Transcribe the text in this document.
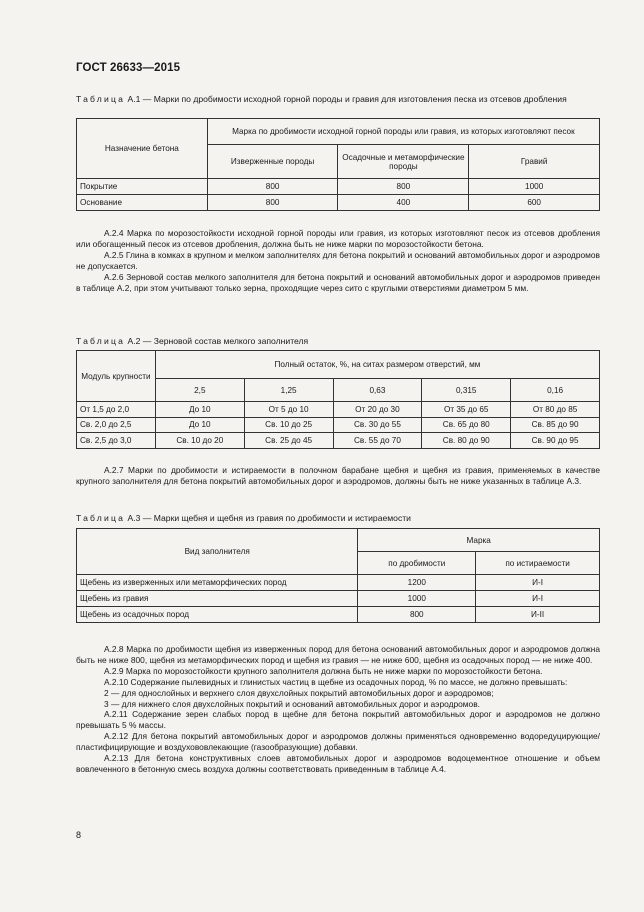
ГОСТ 26633—2015
Таблица А.1 — Марки по дробимости исходной горной породы и гравия для изготовления песка из отсевов дробления
Назначение бетона	Марка по дробимости исходной горной породы или гравия, из которых изготовляют песок		
	Изверженные породы	Осадочные и метаморфические породы	Гравий
Покрытие	800	800	1000
Основание	800	400	600

А.2.4 Марка по морозостойкости исходной горной породы или гравия, из которых изготовляют песок из отсевов дробления или обогащенный песок из отсевов дробления, должна быть не ниже марки по морозостойкости бетона.

А.2.5 Глина в комках в крупном и мелком заполнителях для бетона покрытий и оснований автомобильных дорог и аэродромов не допускается.

А.2.6 Зерновой состав мелкого заполнителя для бетона покрытий и оснований автомобильных дорог и аэродромов приведен в таблице А.2, при этом учитывают только зерна, проходящие через сито с круглыми отверстиями диаметром 5 мм.

Таблица А.2 — Зерновой состав мелкого заполнителя
Модуль крупности	Полный остаток, %, на ситах размером отверстий, мм				
	2,5	1,25	0,63	0,315	0,16
От 1,5 до 2,0	До 10	От 5 до 10	От 20 до 30	От 35 до 65	От 80 до 85
Св. 2,0 до 2,5	До 10	Св. 10 до 25	Св. 30 до 55	Св. 65 до 80	Св. 85 до 90
Св. 2,5 до 3,0	Св. 10 до 20	Св. 25 до 45	Св. 55 до 70	Св. 80 до 90	Св. 90 до 95

А.2.7 Марки по дробимости и истираемости в полочном барабане щебня и щебня из гравия, применяемых в качестве крупного заполнителя для бетона покрытий автомобильных дорог и аэродромов, должны быть не ниже указанных в таблице А.3.

Таблица А.3 — Марки щебня и щебня из гравия по дробимости и истираемости
Вид заполнителя	Марка	
	по дробимости	по истираемости
Щебень из изверженных или метаморфических пород	1200	И-I
Щебень из гравия	1000	И-I
Щебень из осадочных пород	800	И-II

А.2.8 Марка по дробимости щебня из изверженных пород для бетона оснований автомобильных дорог и аэродромов должна быть не ниже 800, щебня из метаморфических пород и щебня из гравия — не ниже 600, щебня из осадочных пород — не ниже 400.

А.2.9 Марка по морозостойкости крупного заполнителя должна быть не ниже марки по морозостойкости бетона.

А.2.10 Содержание пылевидных и глинистых частиц в щебне из осадочных пород, % по массе, не должно превышать:

2 — для однослойных и верхнего слоя двухслойных покрытий автомобильных дорог и аэродромов;

3 — для нижнего слоя двухслойных покрытий и оснований автомобильных дорог и аэродромов.

А.2.11 Содержание зерен слабых пород в щебне для бетона покрытий автомобильных дорог и аэродромов не должно превышать 5 % массы.

А.2.12 Для бетона покрытий автомобильных дорог и аэродромов должны применяться одновременно водоредуцирующие/пластифицирующие и воздухововлекающие (газообразующие) добавки.

А.2.13 Для бетона конструктивных слоев автомобильных дорог и аэродромов водоцементное отношение и объем вовлеченного в бетонную смесь воздуха должны соответствовать приведенным в таблице А.4.

8
